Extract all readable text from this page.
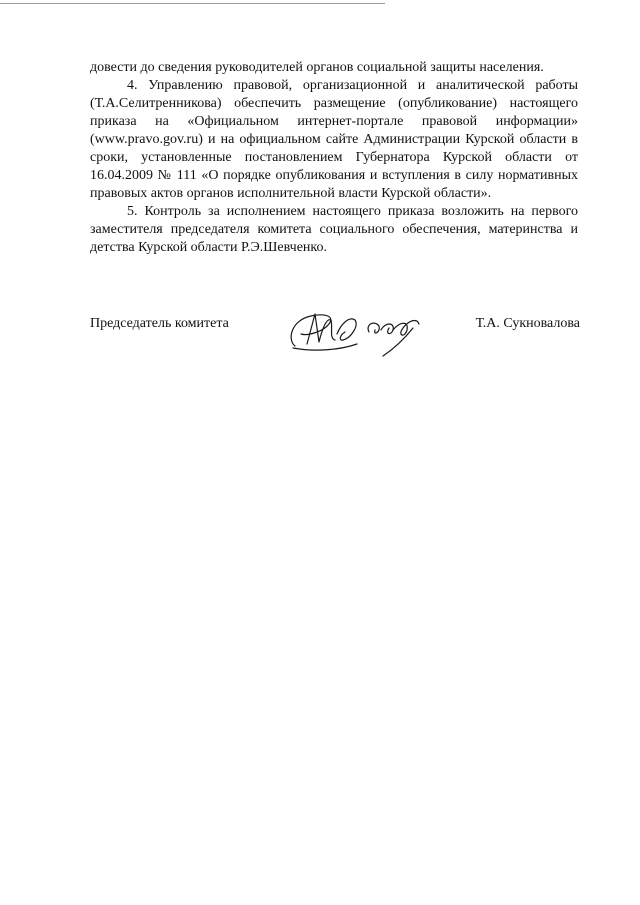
довести до сведения руководителей органов социальной защиты населения.

4. Управлению правовой, организационной и аналитической работы (Т.А.Селитренникова) обеспечить размещение (опубликование) настоящего приказа на «Официальном интернет-портале правовой информации» (www.pravo.gov.ru) и на официальном сайте Администрации Курской области в сроки, установленные постановлением Губернатора Курской области от 16.04.2009 № 111 «О порядке опубликования и вступления в силу нормативных правовых актов органов исполнительной власти Курской области».

5. Контроль за исполнением настоящего приказа возложить на первого заместителя председателя комитета социального обеспечения, материнства и детства Курской области Р.Э.Шевченко.

Председатель комитета	Т.А. Сукновалова
